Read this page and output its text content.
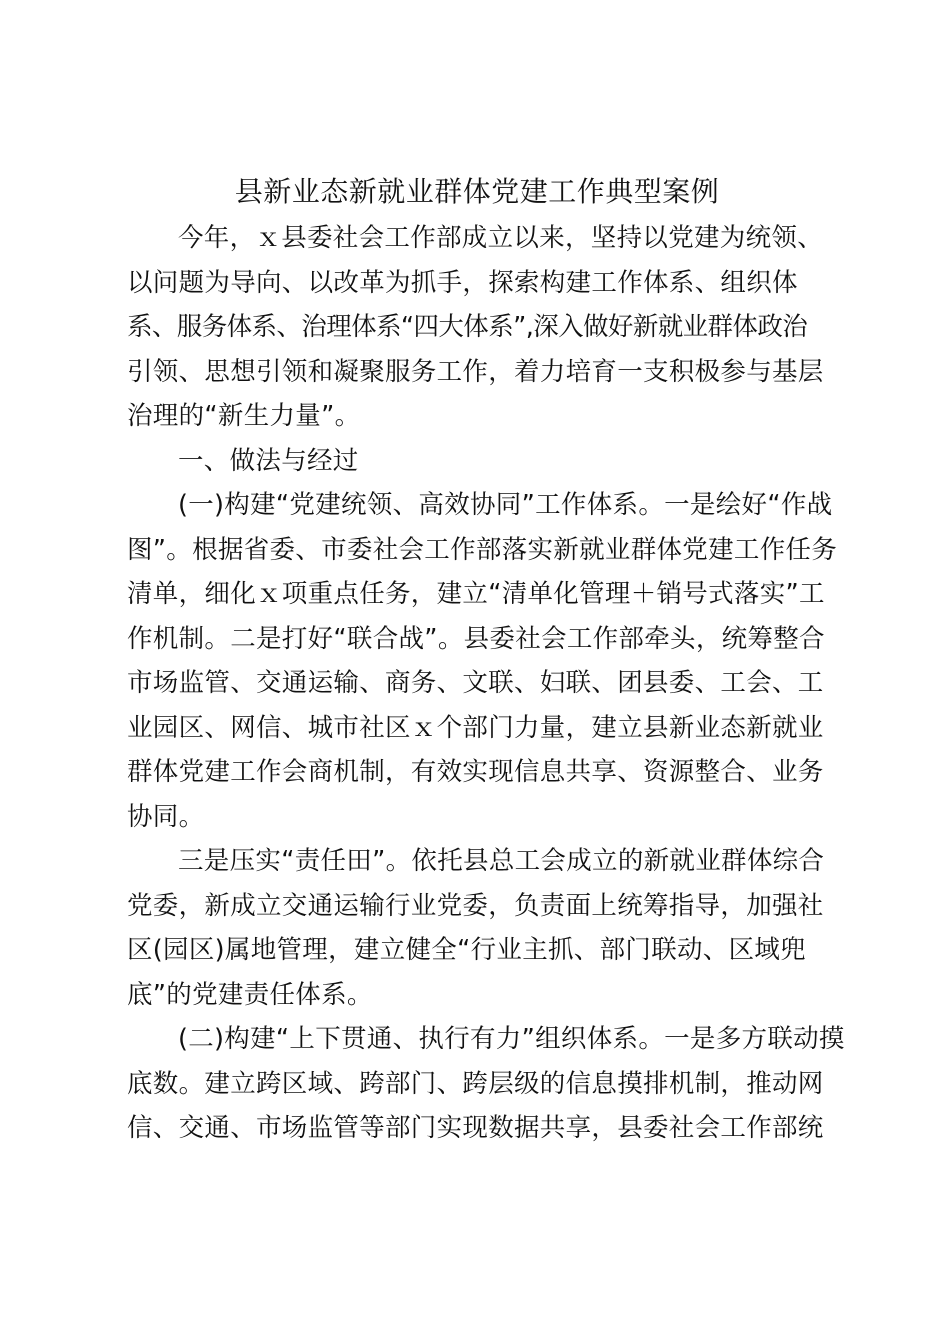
县新业态新就业群体党建工作典型案例

今年，ｘ县委社会工作部成立以来，坚持以党建为统领、
以问题为导向、以改革为抓手，探索构建工作体系、组织体
系、服务体系、治理体系“四大体系”,深入做好新就业群体政治
引领、思想引领和凝聚服务工作，着力培育一支积极参与基层
治理的“新生力量”。

一、做法与经过

(一)构建“党建统领、高效协同”工作体系。一是绘好“作战
图”。根据省委、市委社会工作部落实新就业群体党建工作任务
清单，细化ｘ项重点任务，建立“清单化管理＋销号式落实”工
作机制。二是打好“联合战”。县委社会工作部牵头，统筹整合
市场监管、交通运输、商务、文联、妇联、团县委、工会、工
业园区、网信、城市社区ｘ个部门力量，建立县新业态新就业
群体党建工作会商机制，有效实现信息共享、资源整合、业务
协同。

三是压实“责任田”。依托县总工会成立的新就业群体综合
党委，新成立交通运输行业党委，负责面上统筹指导，加强社
区(园区)属地管理，建立健全“行业主抓、部门联动、区域兜
底”的党建责任体系。

(二)构建“上下贯通、执行有力”组织体系。一是多方联动摸
底数。建立跨区域、跨部门、跨层级的信息摸排机制，推动网
信、交通、市场监管等部门实现数据共享，县委社会工作部统
